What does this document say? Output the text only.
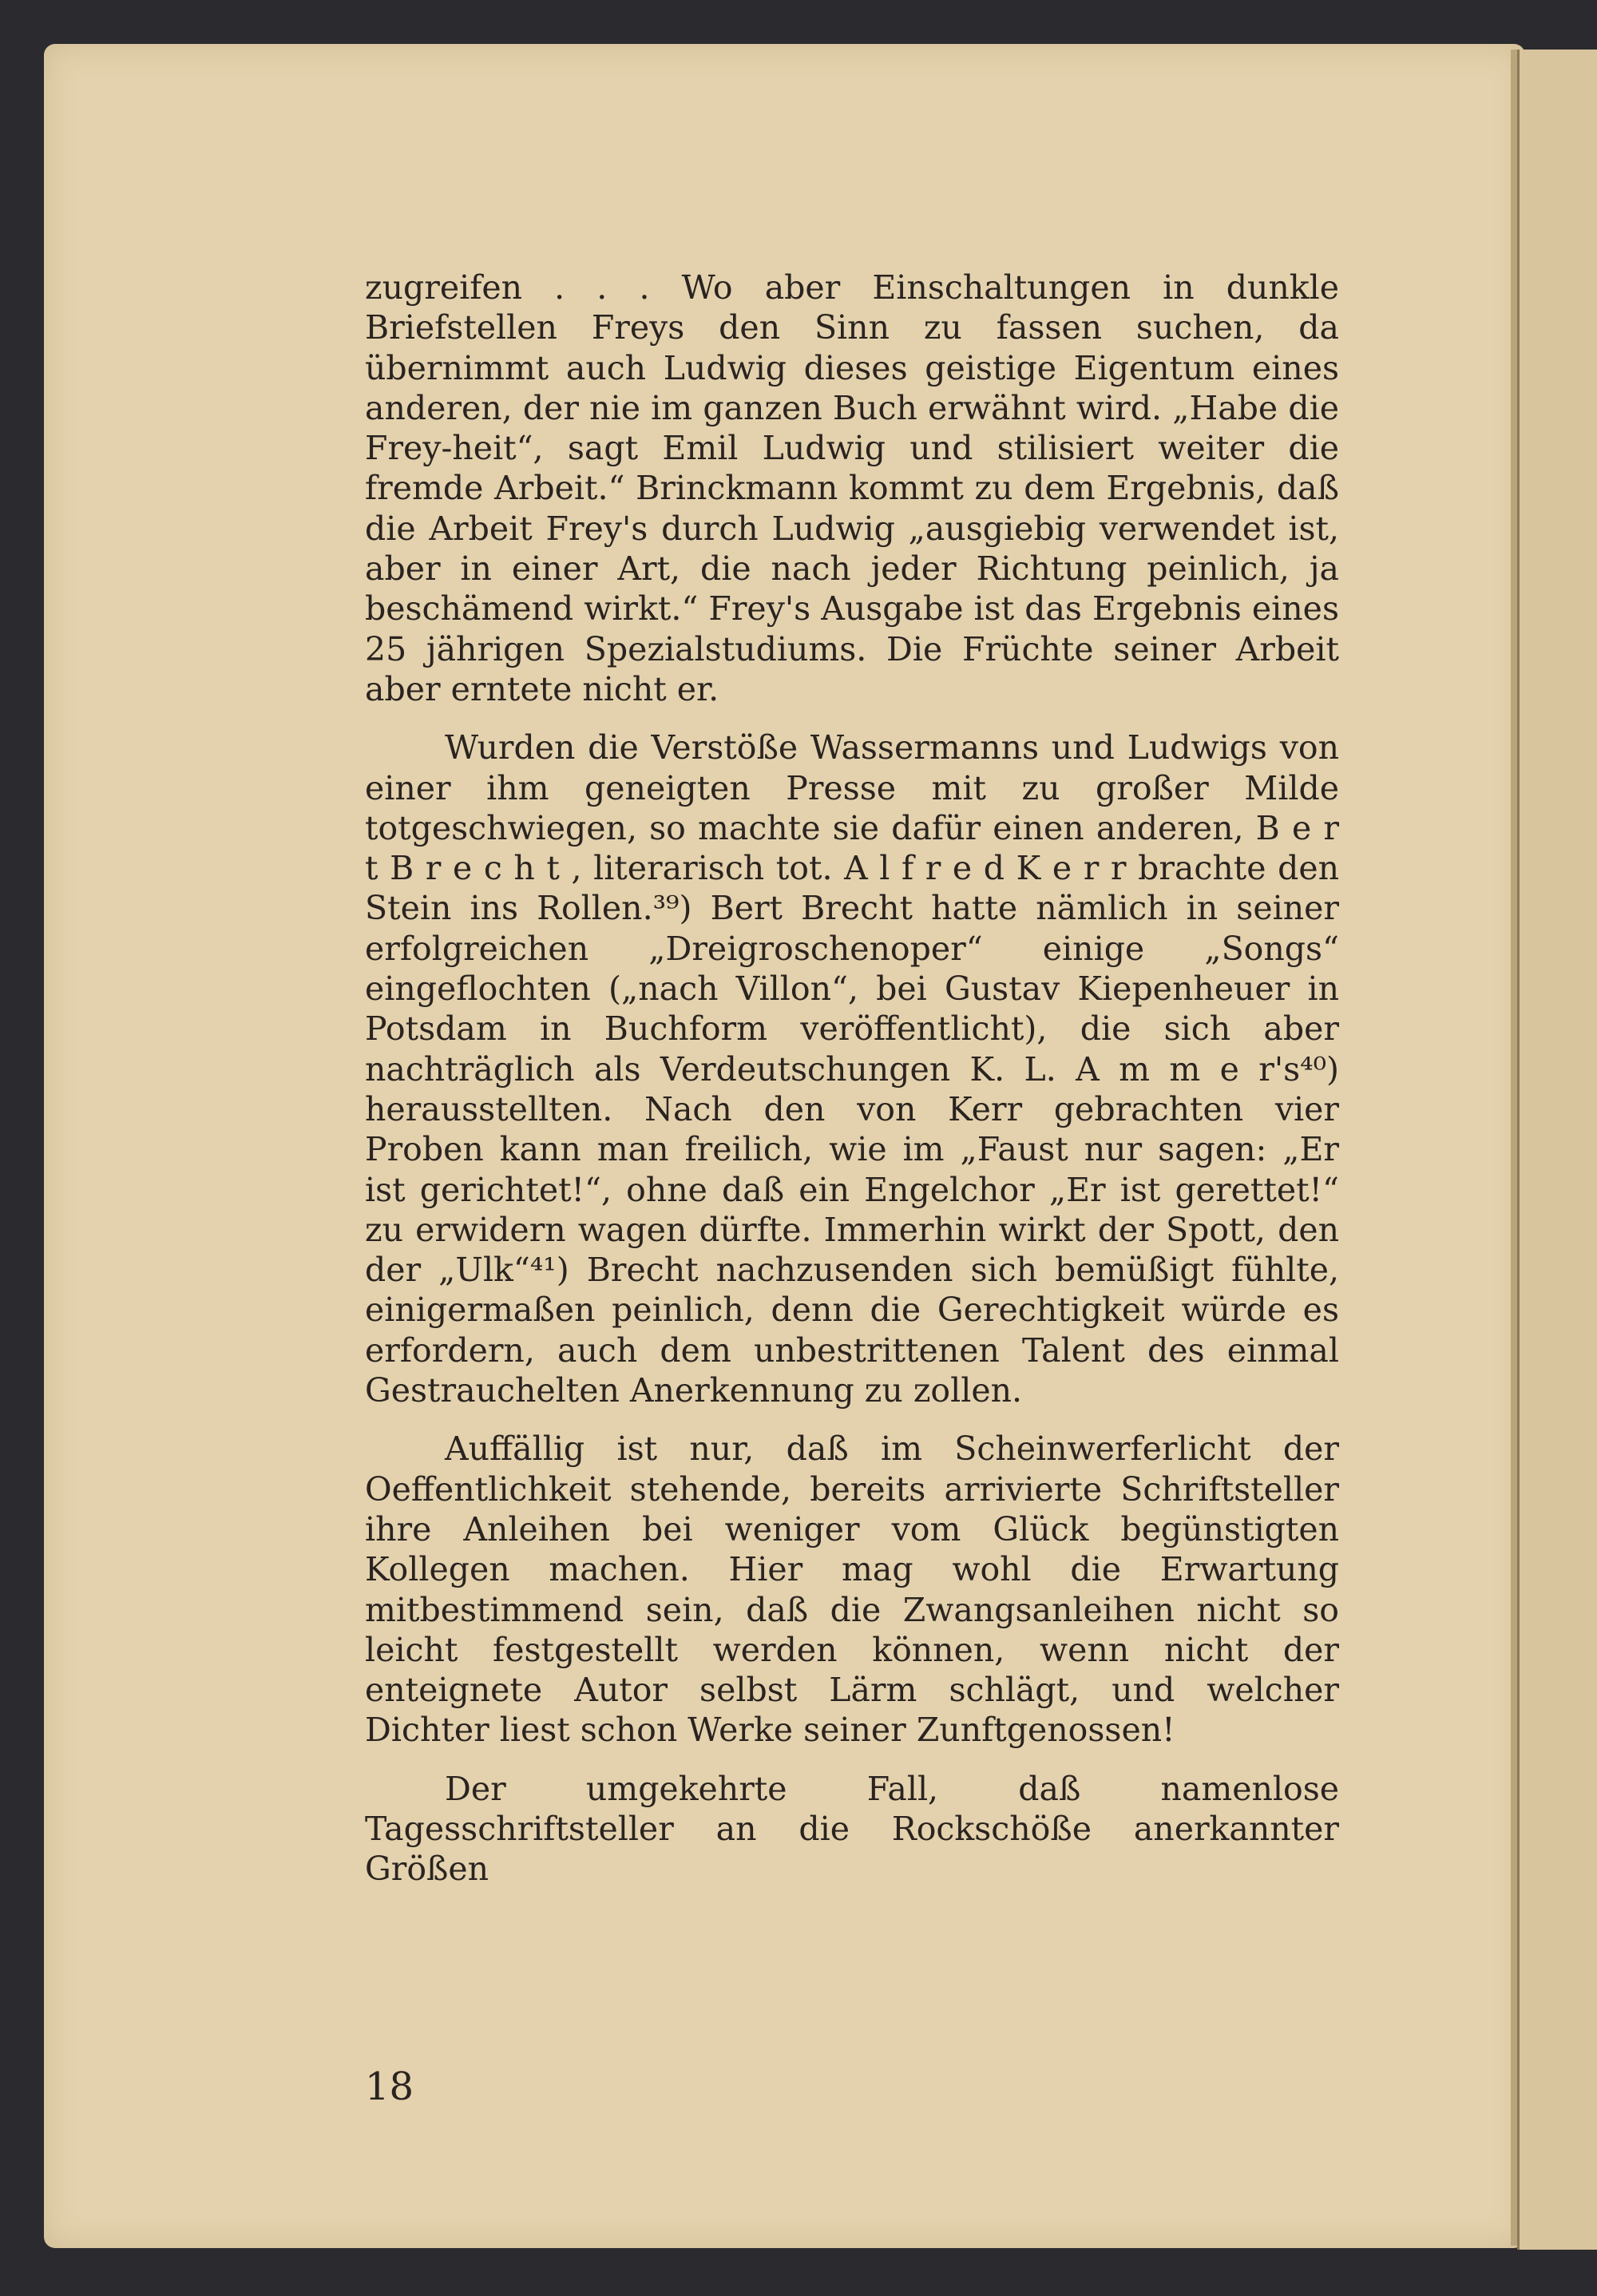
zugreifen . . . Wo aber Einschaltungen in dunkle Briefstellen Freys den Sinn zu fassen suchen, da übernimmt auch Ludwig dieses geistige Eigentum eines anderen, der nie im ganzen Buch erwähnt wird. „Habe die Frey-heit“, sagt Emil Ludwig und stilisiert weiter die fremde Arbeit.“ Brinckmann kommt zu dem Ergebnis, daß die Arbeit Frey's durch Ludwig „ausgiebig verwendet ist, aber in einer Art, die nach jeder Richtung peinlich, ja beschämend wirkt.“ Frey's Ausgabe ist das Ergebnis eines 25 jährigen Spezialstudiums. Die Früchte seiner Arbeit aber erntete nicht er.

Wurden die Verstöße Wassermanns und Ludwigs von einer ihm geneigten Presse mit zu großer Milde totgeschwiegen, so machte sie dafür einen anderen, B e r t B r e c h t , literarisch tot. A l f r e d K e r r brachte den Stein ins Rollen.³⁹) Bert Brecht hatte nämlich in seiner erfolgreichen „Dreigroschenoper“ einige „Songs“ eingeflochten („nach Villon“, bei Gustav Kiepenheuer in Potsdam in Buchform veröffentlicht), die sich aber nachträglich als Verdeutschungen K. L. A m m e r's⁴⁰) herausstellten. Nach den von Kerr gebrachten vier Proben kann man freilich, wie im „Faust nur sagen: „Er ist gerichtet!“, ohne daß ein Engelchor „Er ist gerettet!“ zu erwidern wagen dürfte. Immerhin wirkt der Spott, den der „Ulk“⁴¹) Brecht nachzusenden sich bemüßigt fühlte, einigermaßen peinlich, denn die Gerechtigkeit würde es erfordern, auch dem unbestrittenen Talent des einmal Gestrauchelten Anerkennung zu zollen.

Auffällig ist nur, daß im Scheinwerferlicht der Oeffentlichkeit stehende, bereits arrivierte Schriftsteller ihre Anleihen bei weniger vom Glück begünstigten Kollegen machen. Hier mag wohl die Erwartung mitbestimmend sein, daß die Zwangsanleihen nicht so leicht festgestellt werden können, wenn nicht der enteignete Autor selbst Lärm schlägt, und welcher Dichter liest schon Werke seiner Zunftgenossen!

Der umgekehrte Fall, daß namenlose Tagesschriftsteller an die Rockschöße anerkannter Größen

18
